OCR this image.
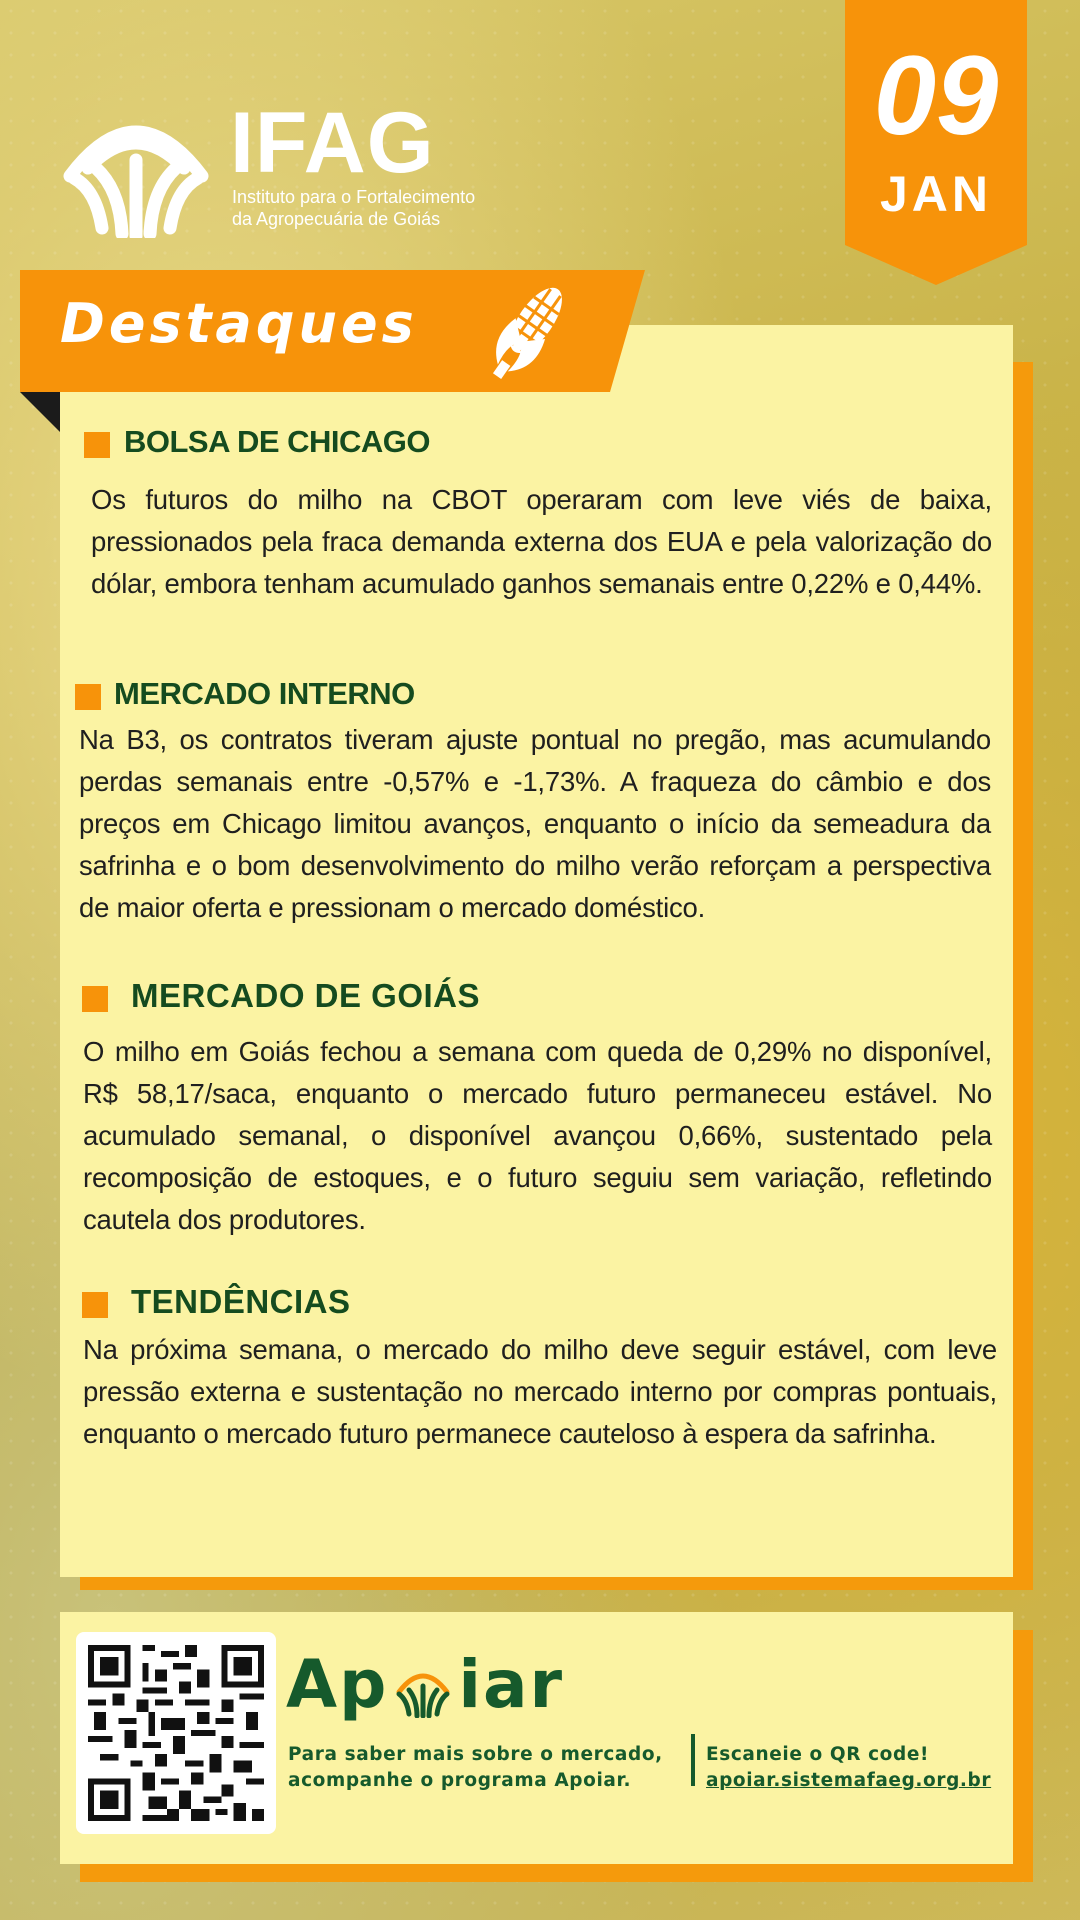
IFAG
Instituto para o Fortalecimento
da Agropecuária de Goiás
09
JAN
Destaques
BOLSA DE CHICAGO
Os futuros do milho na CBOT operaram com leve viés de baixa, pressionados pela fraca demanda externa dos EUA e pela valorização do dólar, embora tenham acumulado ganhos semanais entre 0,22% e 0,44%.
MERCADO INTERNO
Na B3, os contratos tiveram ajuste pontual no pregão, mas acumulando perdas semanais entre -0,57% e -1,73%. A fraqueza do câmbio e dos preços em Chicago limitou avanços, enquanto o início da semeadura da safrinha e o bom desenvolvimento do milho verão reforçam a perspectiva de maior oferta e pressionam o mercado doméstico.
MERCADO DE GOIÁS
O milho em Goiás fechou a semana com queda de 0,29% no disponível, R$ 58,17/saca, enquanto o mercado futuro permaneceu estável. No acumulado semanal, o disponível avançou 0,66%, sustentado pela recomposição de estoques, e o futuro seguiu sem variação, refletindo cautela dos produtores.
TENDÊNCIAS
Na próxima semana, o mercado do milho deve seguir estável, com leve pressão externa e sustentação no mercado interno por compras pontuais, enquanto o mercado futuro permanece cauteloso à espera da safrinha.
Ap iar
Para saber mais sobre o mercado,
acompanhe o programa Apoiar.
Escaneie o QR code!
apoiar.sistemafaeg.org.br
